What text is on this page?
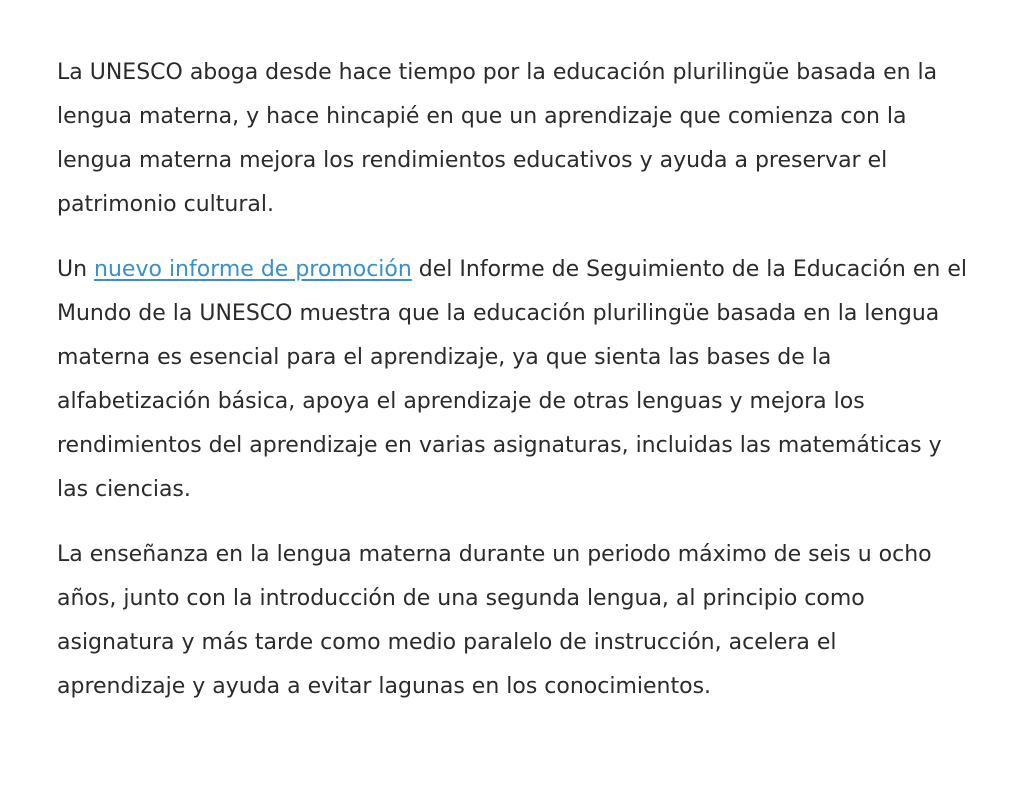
La UNESCO aboga desde hace tiempo por la educación plurilingüe basada en la lengua materna, y hace hincapié en que un aprendizaje que comienza con la lengua materna mejora los rendimientos educativos y ayuda a preservar el patrimonio cultural.

Un nuevo informe de promoción del Informe de Seguimiento de la Educación en el Mundo de la UNESCO muestra que la educación plurilingüe basada en la lengua materna es esencial para el aprendizaje, ya que sienta las bases de la alfabetización básica, apoya el aprendizaje de otras lenguas y mejora los rendimientos del aprendizaje en varias asignaturas, incluidas las matemáticas y las ciencias.

La enseñanza en la lengua materna durante un periodo máximo de seis u ocho años, junto con la introducción de una segunda lengua, al principio como asignatura y más tarde como medio paralelo de instrucción, acelera el aprendizaje y ayuda a evitar lagunas en los conocimientos.
